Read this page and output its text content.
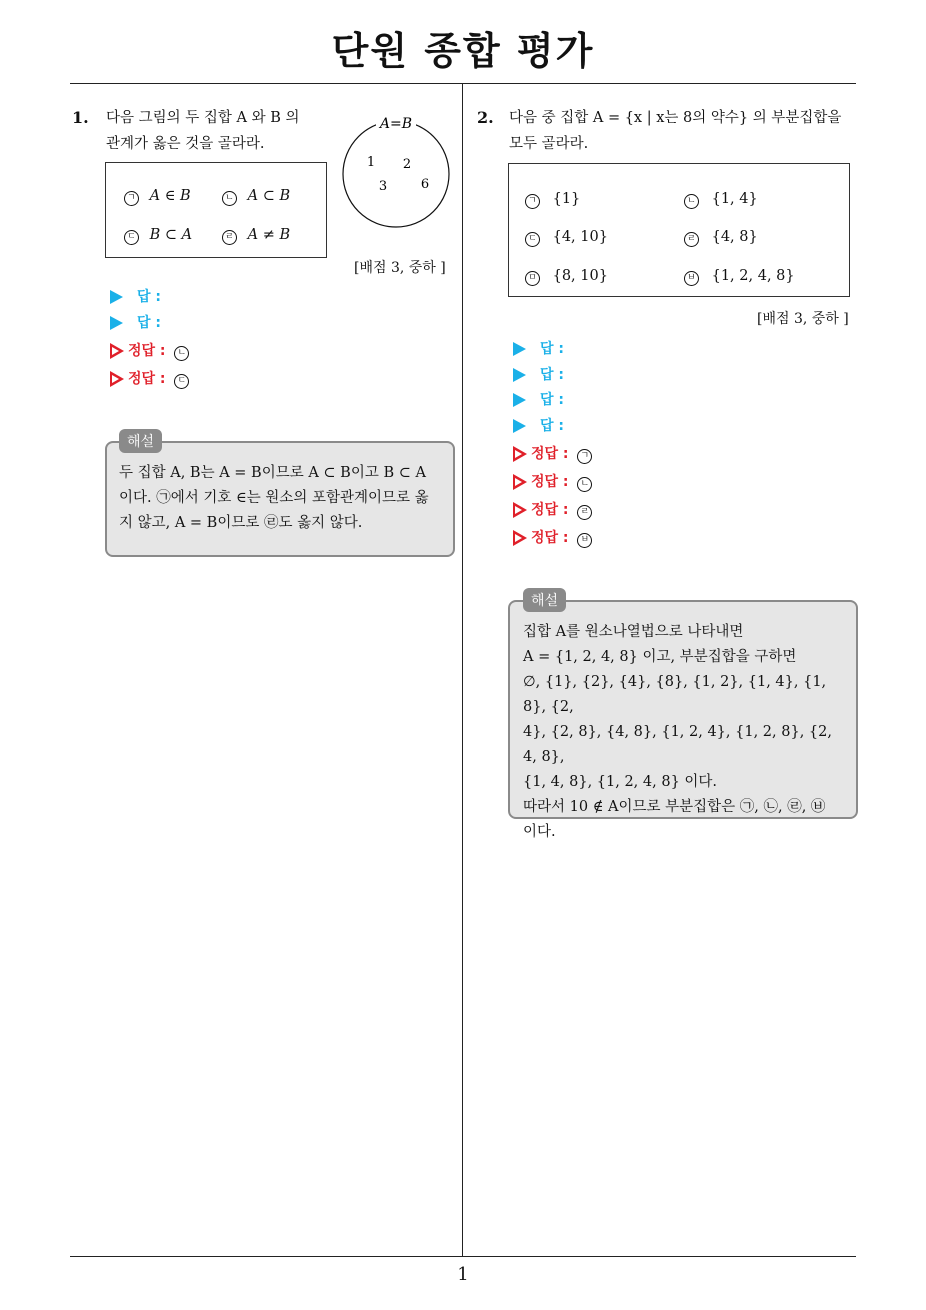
단원 종합 평가
1
1. 다음 그림의 두 집합 A 와 B 의
관계가 옳은 것을 골라라.
ㄱ A ∈ B	ㄴ A ⊂ B
ㄷ B ⊂ A	ㄹ A ≠ B
A=B
1 2
3	6
[배점 3, 중하 ]
답 :
답 :
정답 : ㄴ
정답 : ㄷ
두 집합 A, B는 A = B이므로 A ⊂ B이고 B ⊂ A
이다. ㉠에서 기호 ∈는 원소의 포함관계이므로 옳
지 않고, A = B이므로 ㉣도 옳지 않다.
해설
2. 다음 중 집합 A = {x | x는 8의 약수} 의 부분집합을
모두 골라라.
ㄱ {1}	ㄴ {1, 4}
ㄷ {4, 10}	ㄹ {4, 8}
ㅁ {8, 10}	ㅂ {1, 2, 4, 8}
[배점 3, 중하 ]
답 :
답 :
답 :
답 :
정답 : ㄱ
정답 : ㄴ
정답 : ㄹ
정답 : ㅂ
집합 A를 원소나열법으로 나타내면
A = {1, 2, 4, 8} 이고, 부분집합을 구하면
∅, {1}, {2}, {4}, {8}, {1, 2}, {1, 4}, {1, 8}, {2,
4}, {2, 8}, {4, 8}, {1, 2, 4}, {1, 2, 8}, {2, 4, 8},
{1, 4, 8}, {1, 2, 4, 8} 이다.
따라서 10 ∉ A이므로 부분집합은 ㉠, ㉡, ㉣, ㉥
이다.
해설
